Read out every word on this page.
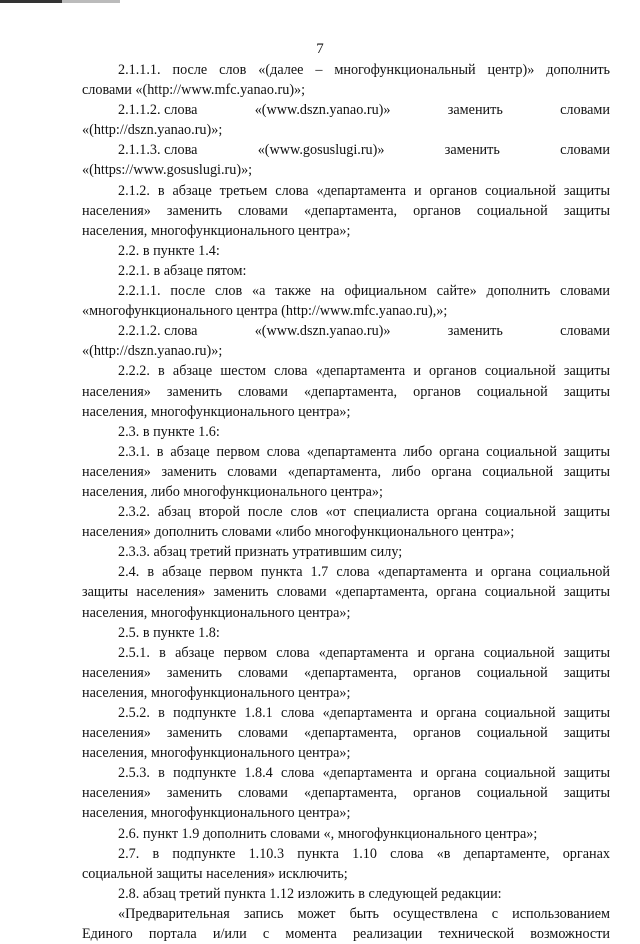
7
2.1.1.1. после слов «(далее – многофункциональный центр)» дополнить
словами «(http://www.mfc.yanao.ru)»;
2.1.1.2. слова	«(www.dszn.yanao.ru)»	заменить	словами
«(http://dszn.yanao.ru)»;
2.1.1.3. слова	«(www.gosuslugi.ru)»	заменить	словами
«(https://www.gosuslugi.ru)»;
2.1.2. в абзаце третьем слова «департамента и органов социальной защиты
населения» заменить словами «департамента, органов социальной защиты
населения, многофункционального центра»;
2.2. в пункте 1.4:
2.2.1. в абзаце пятом:
2.2.1.1. после слов «а также на официальном сайте» дополнить словами
«многофункционального центра (http://www.mfc.yanao.ru),»;
2.2.1.2. слова	«(www.dszn.yanao.ru)»	заменить	словами
«(http://dszn.yanao.ru)»;
2.2.2. в абзаце шестом слова «департамента и органов социальной защиты
населения» заменить словами «департамента, органов социальной защиты
населения, многофункционального центра»;
2.3. в пункте 1.6:
2.3.1. в абзаце первом слова «департамента либо органа социальной защиты
населения» заменить словами «департамента, либо органа социальной защиты
населения, либо многофункционального центра»;
2.3.2. абзац второй после слов «от специалиста органа социальной защиты
населения» дополнить словами «либо многофункционального центра»;
2.3.3. абзац третий признать утратившим силу;
2.4. в абзаце первом пункта 1.7 слова «департамента и органа социальной
защиты населения» заменить словами «департамента, органа социальной защиты
населения, многофункционального центра»;
2.5. в пункте 1.8:
2.5.1. в абзаце первом слова «департамента и органа социальной защиты
населения» заменить словами «департамента, органов социальной защиты
населения, многофункционального центра»;
2.5.2. в подпункте 1.8.1 слова «департамента и органа социальной защиты
населения» заменить словами «департамента, органов социальной защиты
населения, многофункционального центра»;
2.5.3. в подпункте 1.8.4 слова «департамента и органа социальной защиты
населения» заменить словами «департамента, органов социальной защиты
населения, многофункционального центра»;
2.6. пункт 1.9 дополнить словами «, многофункционального центра»;
2.7. в подпункте 1.10.3 пункта 1.10 слова «в департаменте, органах
социальной защиты населения» исключить;
2.8. абзац третий пункта 1.12 изложить в следующей редакции:
«Предварительная запись может быть осуществлена с использованием
Единого портала и/или с момента реализации технической возможности
